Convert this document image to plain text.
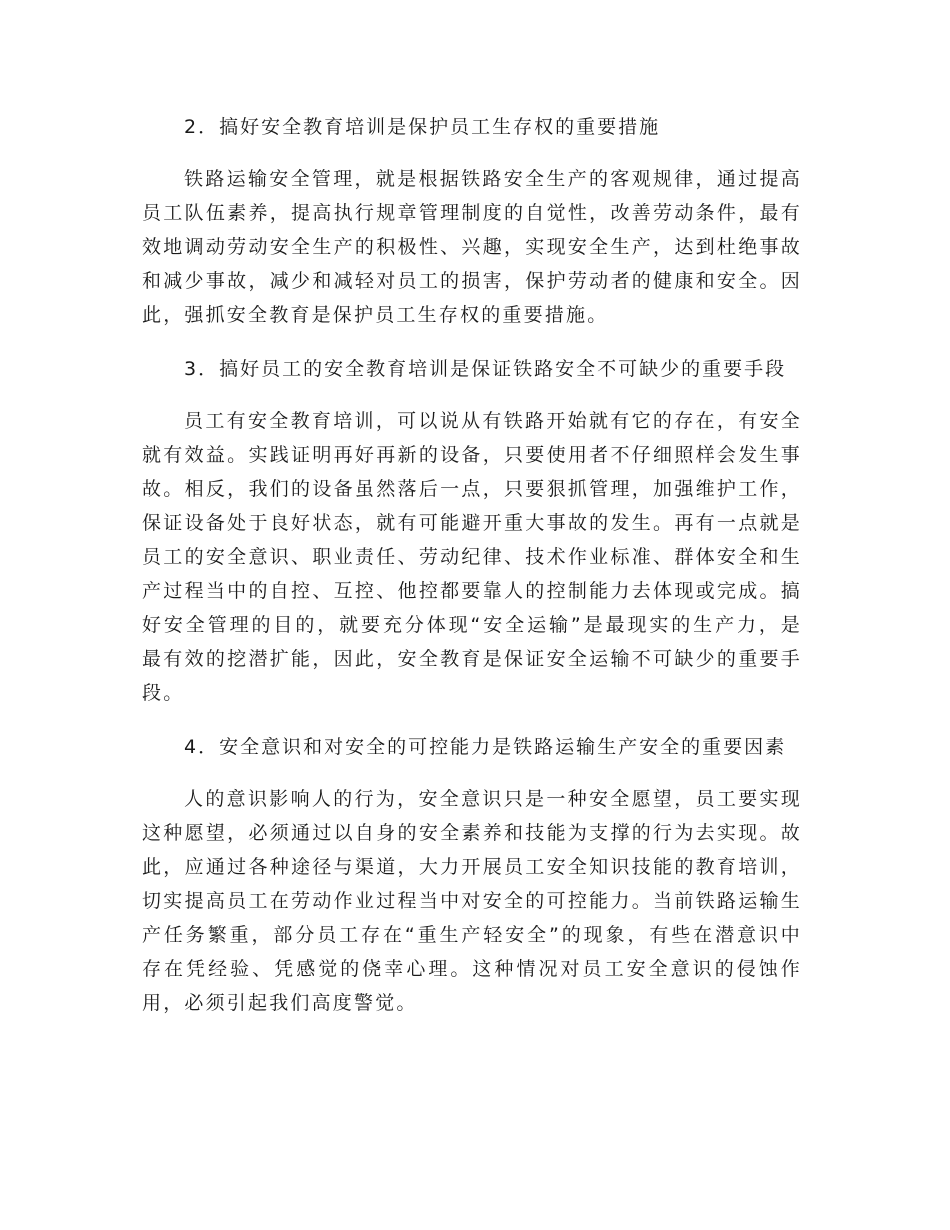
2．搞好安全教育培训是保护员工生存权的重要措施

铁路运输安全管理，就是根据铁路安全生产的客观规律，通过提高员工队伍素养，提高执行规章管理制度的自觉性，改善劳动条件，最有效地调动劳动安全生产的积极性、兴趣，实现安全生产，达到杜绝事故和减少事故，减少和减轻对员工的损害，保护劳动者的健康和安全。因此，强抓安全教育是保护员工生存权的重要措施。

3．搞好员工的安全教育培训是保证铁路安全不可缺少的重要手段

员工有安全教育培训，可以说从有铁路开始就有它的存在，有安全就有效益。实践证明再好再新的设备，只要使用者不仔细照样会发生事故。相反，我们的设备虽然落后一点，只要狠抓管理，加强维护工作，保证设备处于良好状态，就有可能避开重大事故的发生。再有一点就是员工的安全意识、职业责任、劳动纪律、技术作业标准、群体安全和生产过程当中的自控、互控、他控都要靠人的控制能力去体现或完成。搞好安全管理的目的，就要充分体现“安全运输”是最现实的生产力，是最有效的挖潜扩能，因此，安全教育是保证安全运输不可缺少的重要手段。

4．安全意识和对安全的可控能力是铁路运输生产安全的重要因素

人的意识影响人的行为，安全意识只是一种安全愿望，员工要实现这种愿望，必须通过以自身的安全素养和技能为支撑的行为去实现。故此，应通过各种途径与渠道，大力开展员工安全知识技能的教育培训，切实提高员工在劳动作业过程当中对安全的可控能力。当前铁路运输生产任务繁重，部分员工存在“重生产轻安全”的现象，有些在潜意识中存在凭经验、凭感觉的侥幸心理。这种情况对员工安全意识的侵蚀作用，必须引起我们高度警觉。
